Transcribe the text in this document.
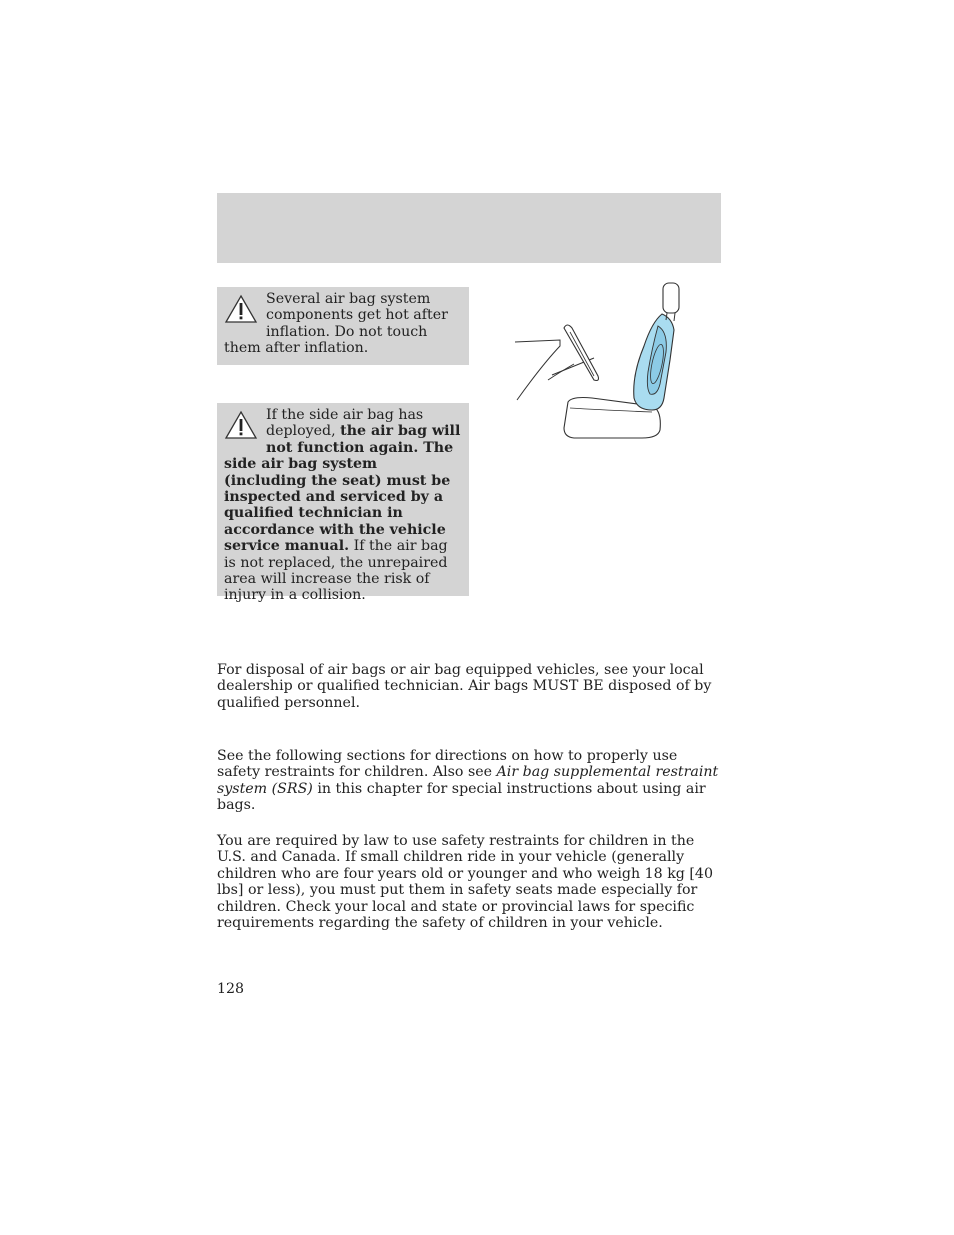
Several air bag system components get hot after inflation. Do not touch them after inflation.
If the side air bag has deployed, the air bag will not function again. The side air bag system (including the seat) must be inspected and serviced by a qualified technician in accordance with the vehicle service manual. If the air bag is not replaced, the unrepaired area will increase the risk of injury in a collision.

For disposal of air bags or air bag equipped vehicles, see your local dealership or qualified technician. Air bags MUST BE disposed of by qualified personnel.

See the following sections for directions on how to properly use safety restraints for children. Also see Air bag supplemental restraint system (SRS) in this chapter for special instructions about using air bags.

You are required by law to use safety restraints for children in the U.S. and Canada. If small children ride in your vehicle (generally children who are four years old or younger and who weigh 18 kg [40 lbs] or less), you must put them in safety seats made especially for children. Check your local and state or provincial laws for specific requirements regarding the safety of children in your vehicle.

128
